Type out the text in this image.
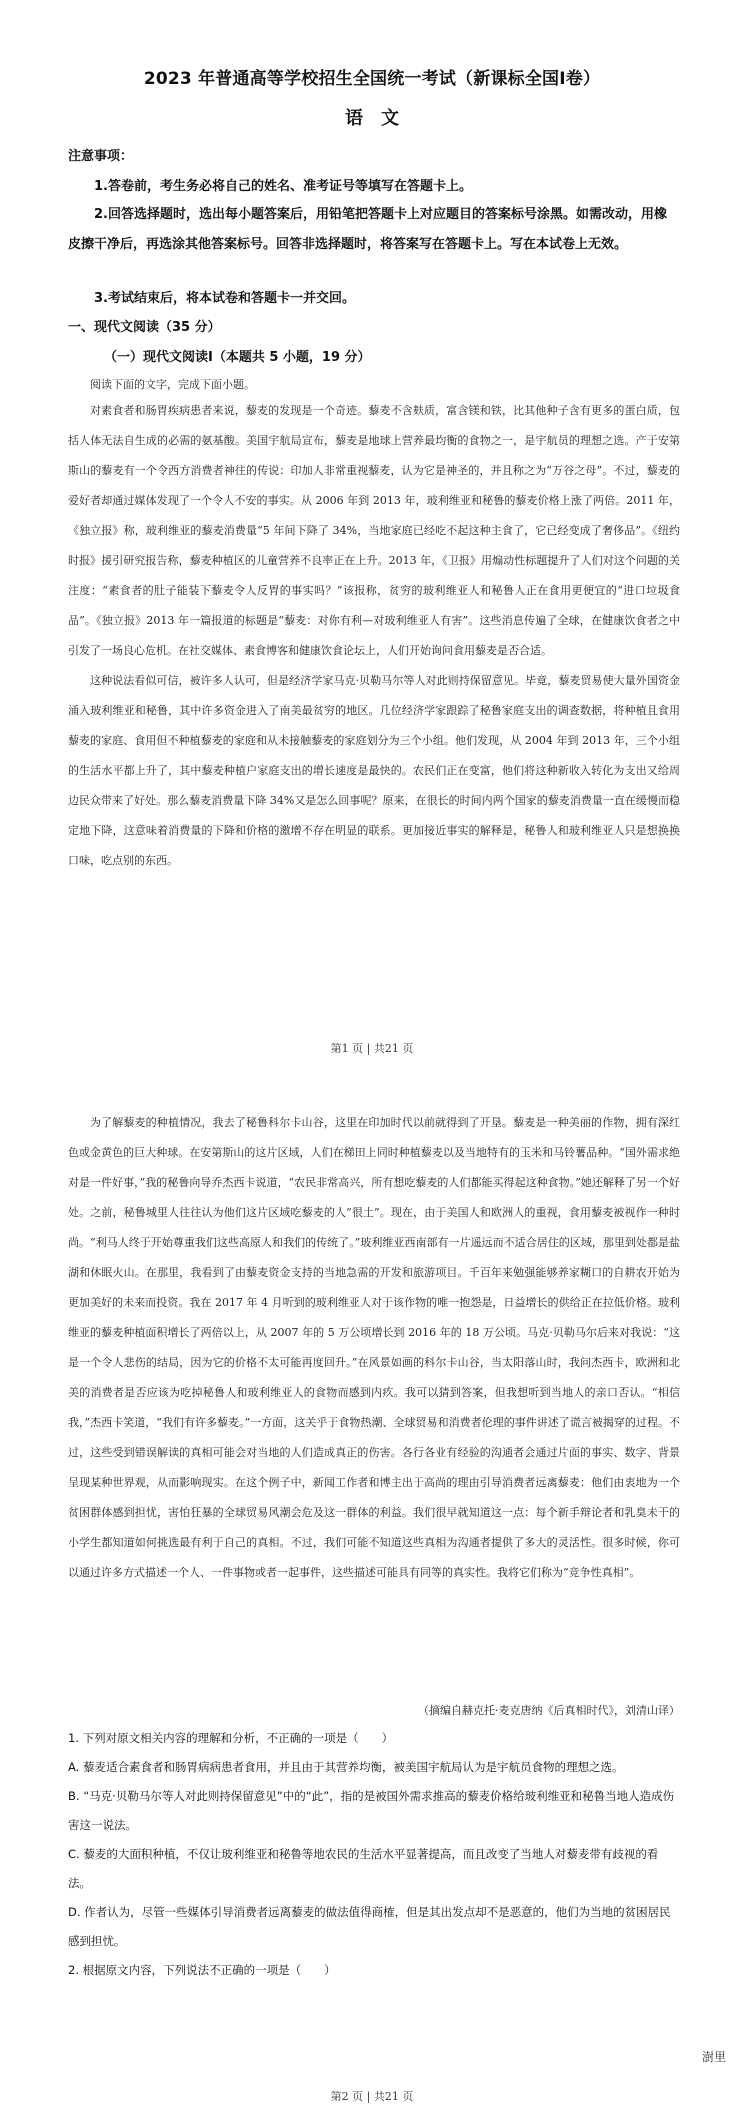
2023 年普通高等学校招生全国统一考试（新课标全国Ⅰ卷）
语　文
注意事项：
1.答卷前，考生务必将自己的姓名、准考证号等填写在答题卡上。
2.回答选择题时，选出每小题答案后，用铅笔把答题卡上对应题目的答案标号涂黑。如需改动，用橡皮擦干净后，再选涂其他答案标号。回答非选择题时，将答案写在答题卡上。写在本试卷上无效。
3.考试结束后，将本试卷和答题卡一并交回。
一、现代文阅读（35 分）
（一）现代文阅读Ⅰ（本题共 5 小题，19 分）
阅读下面的文字，完成下面小题。

对素食者和肠胃疾病患者来说，藜麦的发现是一个奇迹。藜麦不含麸质，富含镁和铁，比其他种子含有更多的蛋白质，包括人体无法自生成的必需的氨基酸。美国宇航局宣布，藜麦是地球上营养最均衡的食物之一，是宇航员的理想之选。产于安第斯山的藜麦有一个令西方消费者神往的传说：印加人非常重视藜麦，认为它是神圣的，并且称之为“万谷之母”。不过，藜麦的爱好者却通过媒体发现了一个令人不安的事实。从 2006 年到 2013 年，玻利维亚和秘鲁的藜麦价格上涨了两倍。2011 年，《独立报》称，玻利维亚的藜麦消费量“5 年间下降了 34%，当地家庭已经吃不起这种主食了，它已经变成了奢侈品”。《纽约时报》援引研究报告称，藜麦种植区的儿童营养不良率正在上升。2013 年，《卫报》用煽动性标题提升了人们对这个问题的关注度：“素食者的肚子能装下藜麦令人反胃的事实吗？”该报称，贫穷的玻利维亚人和秘鲁人正在食用更便宜的“进口垃圾食品”。《独立报》2013 年一篇报道的标题是“藜麦：对你有利—对玻利维亚人有害”。这些消息传遍了全球，在健康饮食者之中引发了一场良心危机。在社交媒体、素食博客和健康饮食论坛上，人们开始询问食用藜麦是否合适。

这种说法看似可信，被许多人认可，但是经济学家马克·贝勒马尔等人对此则持保留意见。毕竟，藜麦贸易使大量外国资金涌入玻利维亚和秘鲁，其中许多资金进入了南美最贫穷的地区。几位经济学家跟踪了秘鲁家庭支出的调查数据，将种植且食用藜麦的家庭、食用但不种植藜麦的家庭和从未接触藜麦的家庭划分为三个小组。他们发现，从 2004 年到 2013 年，三个小组的生活水平都上升了，其中藜麦种植户家庭支出的增长速度是最快的。农民们正在变富，他们将这种新收入转化为支出又给周边民众带来了好处。那么藜麦消费量下降 34%又是怎么回事呢？原来，在很长的时间内两个国家的藜麦消费量一直在缓慢而稳定地下降，这意味着消费量的下降和价格的激增不存在明显的联系。更加接近事实的解释是，秘鲁人和玻利维亚人只是想换换口味，吃点别的东西。

第1 页 | 共21 页

为了解藜麦的种植情况，我去了秘鲁科尔卡山谷，这里在印加时代以前就得到了开垦。藜麦是一种美丽的作物，拥有深红色或金黄色的巨大种球。在安第斯山的这片区域，人们在梯田上同时种植藜麦以及当地特有的玉米和马铃薯品种。“国外需求绝对是一件好事，”我的秘鲁向导乔杰西卡说道，“农民非常高兴，所有想吃藜麦的人们都能买得起这种食物。”她还解释了另一个好处。之前，秘鲁城里人往往认为他们这片区域吃藜麦的人“很土”。现在，由于美国人和欧洲人的重视，食用藜麦被视作一种时尚。“利马人终于开始尊重我们这些高原人和我们的传统了。”玻利维亚西南部有一片遥远而不适合居住的区域，那里到处都是盐湖和休眠火山。在那里，我看到了由藜麦资金支持的当地急需的开发和旅游项目。千百年来勉强能够养家糊口的自耕农开始为更加美好的未来而投资。我在 2017 年 4 月听到的玻利维亚人对于该作物的唯一抱怨是，日益增长的供给正在拉低价格。玻利维亚的藜麦种植面积增长了两倍以上，从 2007 年的 5 万公顷增长到 2016 年的 18 万公顷。马克·贝勒马尔后来对我说：“这是一个令人悲伤的结局，因为它的价格不太可能再度回升。”在风景如画的科尔卡山谷，当太阳落山时，我问杰西卡，欧洲和北美的消费者是否应该为吃掉秘鲁人和玻利维亚人的食物而感到内疚。我可以猜到答案，但我想听到当地人的亲口否认。“相信我，”杰西卡笑道，“我们有许多藜麦。”一方面，这关乎于食物热潮、全球贸易和消费者伦理的事件讲述了谎言被揭穿的过程。不过，这些受到错误解读的真相可能会对当地的人们造成真正的伤害。各行各业有经验的沟通者会通过片面的事实、数字、背景呈现某种世界观，从而影响现实。在这个例子中，新闻工作者和博主出于高尚的理由引导消费者远离藜麦：他们由衷地为一个贫困群体感到担忧，害怕狂暴的全球贸易风潮会危及这一群体的利益。我们很早就知道这一点：每个新手辩论者和乳臭未干的小学生都知道如何挑选最有利于自己的真相。不过，我们可能不知道这些真相为沟通者提供了多大的灵活性。很多时候，你可以通过许多方式描述一个人、一件事物或者一起事件，这些描述可能具有同等的真实性。我将它们称为“竞争性真相”。

（摘编自赫克托·麦克唐纳《后真相时代》，刘清山译）

1. 下列对原文相关内容的理解和分析，不正确的一项是（　　）

A. 藜麦适合素食者和肠胃病病患者食用，并且由于其营养均衡，被美国宇航局认为是宇航员食物的理想之选。

B. “马克·贝勒马尔等人对此则持保留意见”中的“此”，指的是被国外需求推高的藜麦价格给玻利维亚和秘鲁当地人造成伤害这一说法。

C. 藜麦的大面积种植，不仅让玻利维亚和秘鲁等地农民的生活水平显著提高，而且改变了当地人对藜麦带有歧视的看法。

D. 作者认为，尽管一些媒体引导消费者远离藜麦的做法值得商榷，但是其出发点却不是恶意的，他们为当地的贫困居民感到担忧。

2. 根据原文内容，下列说法不正确的一项是（　　）

第2 页 | 共21 页
澍里
